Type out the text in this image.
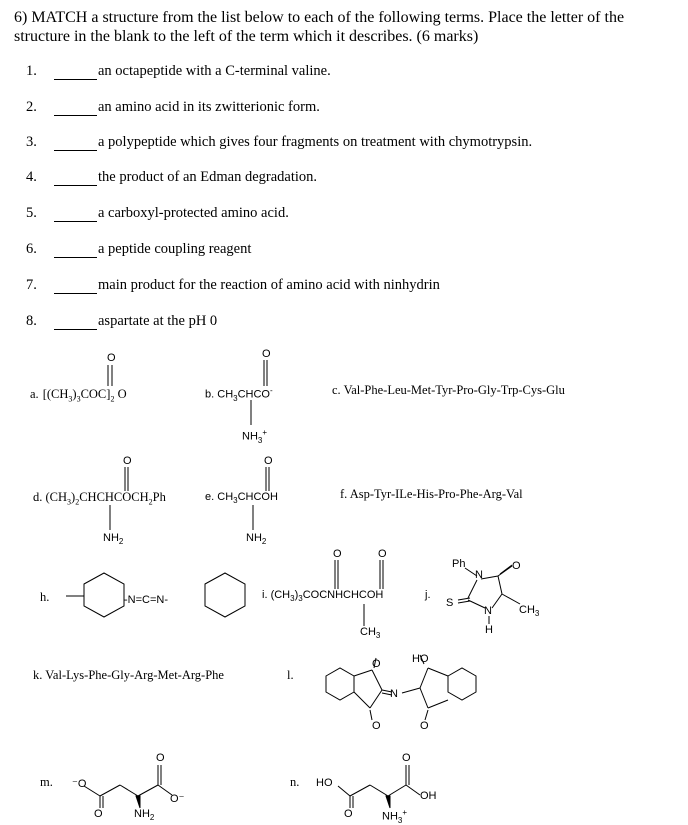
6) MATCH a structure from the list below to each of the following terms. Place the letter of the structure in the blank to the left of the term which it describes. (6 marks)
1.	an octapeptide with a C-terminal valine.
2.	an amino acid in its zwitterionic form.
3.	a polypeptide which gives four fragments on treatment with chymotrypsin.
4.	the product of an Edman degradation.
5.	a carboxyl-protected amino acid.
6.	a peptide coupling reagent
7.	main product for the reaction of amino acid with ninhydrin
8.	aspartate at the pH 0
a. $[(CH_3)_3COC]_2$ O
O
b. $CH_3CHCO^-$
O
$NH_3^+$
c. Val-Phe-Leu-Met-Tyr-Pro-Gly-Trp-Cys-Glu
d. $(CH_3)_2CHCHCOCH_2Ph$
O
$NH_2$
e. $CH_3CHCOH$
O
$NH_2$
f. Asp-Tyr-ILe-His-Pro-Phe-Arg-Val
h.	-N=C=N-	i. $(CH_3)_3COCNHCHCOH$
O	O
$CH_3$
j.
Ph
N
S
N
H
O
$CH_3$
k. Val-Lys-Phe-Gly-Arg-Met-Arg-Phe	l.
O	HO
N
O	O
m. ⁻O
O
O⁻
O	$NH_2$
n. HO
O
OH
O	$NH_3^+$
